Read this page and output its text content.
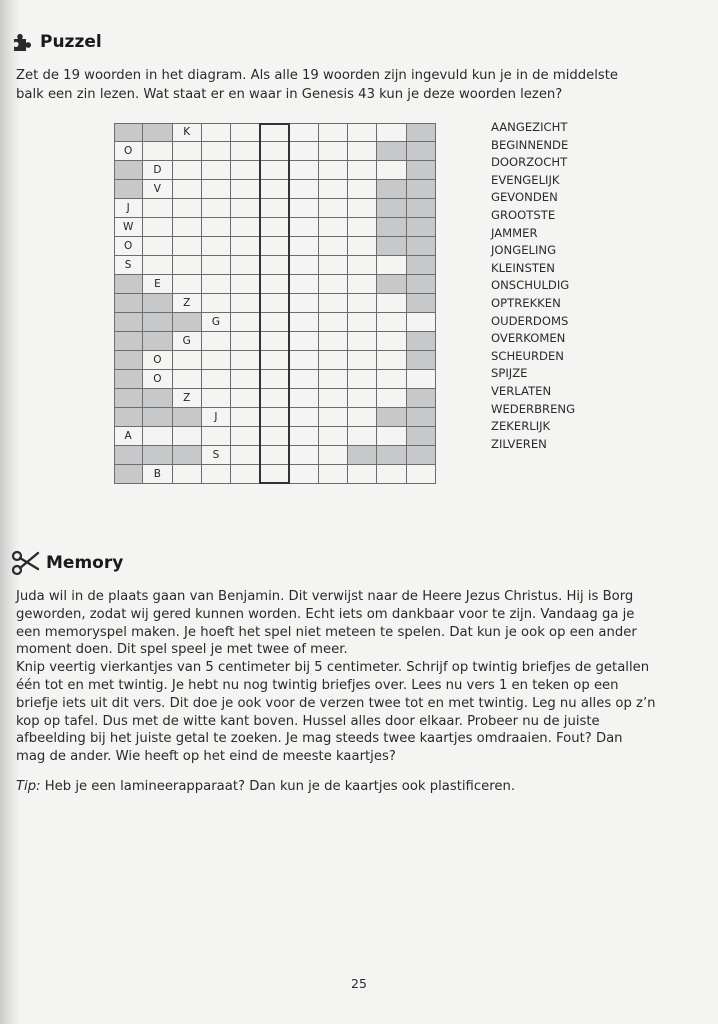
Puzzel
Zet de 19 woorden in het diagram. Als alle 19 woorden zijn ingevuld kun je in de middelste balk een zin lezen. Wat staat er en waar in Genesis 43 kun je deze woorden lezen?
K
O
D
V
J
W
O
S
E
Z
G
G
O
O
Z
J
A
S
B
AANGEZICHT
BEGINNENDE
DOORZOCHT
EVENGELIJK
GEVONDEN
GROOTSTE
JAMMER
JONGELING
KLEINSTEN
ONSCHULDIG
OPTREKKEN
OUDERDOMS
OVERKOMEN
SCHEURDEN
SPIJZE
VERLATEN
WEDERBRENG
ZEKERLIJK
ZILVEREN
Memory

Juda wil in de plaats gaan van Benjamin. Dit verwijst naar de Heere Jezus Christus. Hij is Borg geworden, zodat wij gered kunnen worden. Echt iets om dankbaar voor te zijn. Vandaag ga je een memoryspel maken. Je hoeft het spel niet meteen te spelen. Dat kun je ook op een ander moment doen. Dit spel speel je met twee of meer.

Knip veertig vierkantjes van 5 centimeter bij 5 centimeter. Schrijf op twintig briefjes de getallen één tot en met twintig. Je hebt nu nog twintig briefjes over. Lees nu vers 1 en teken op een briefje iets uit dit vers. Dit doe je ook voor de verzen twee tot en met twintig. Leg nu alles op z’n kop op tafel. Dus met de witte kant boven. Hussel alles door elkaar. Probeer nu de juiste afbeelding bij het juiste getal te zoeken. Je mag steeds twee kaartjes omdraaien. Fout? Dan mag de ander. Wie heeft op het eind de meeste kaartjes?

Tip: Heb je een lamineerapparaat? Dan kun je de kaartjes ook plastificeren.
25
